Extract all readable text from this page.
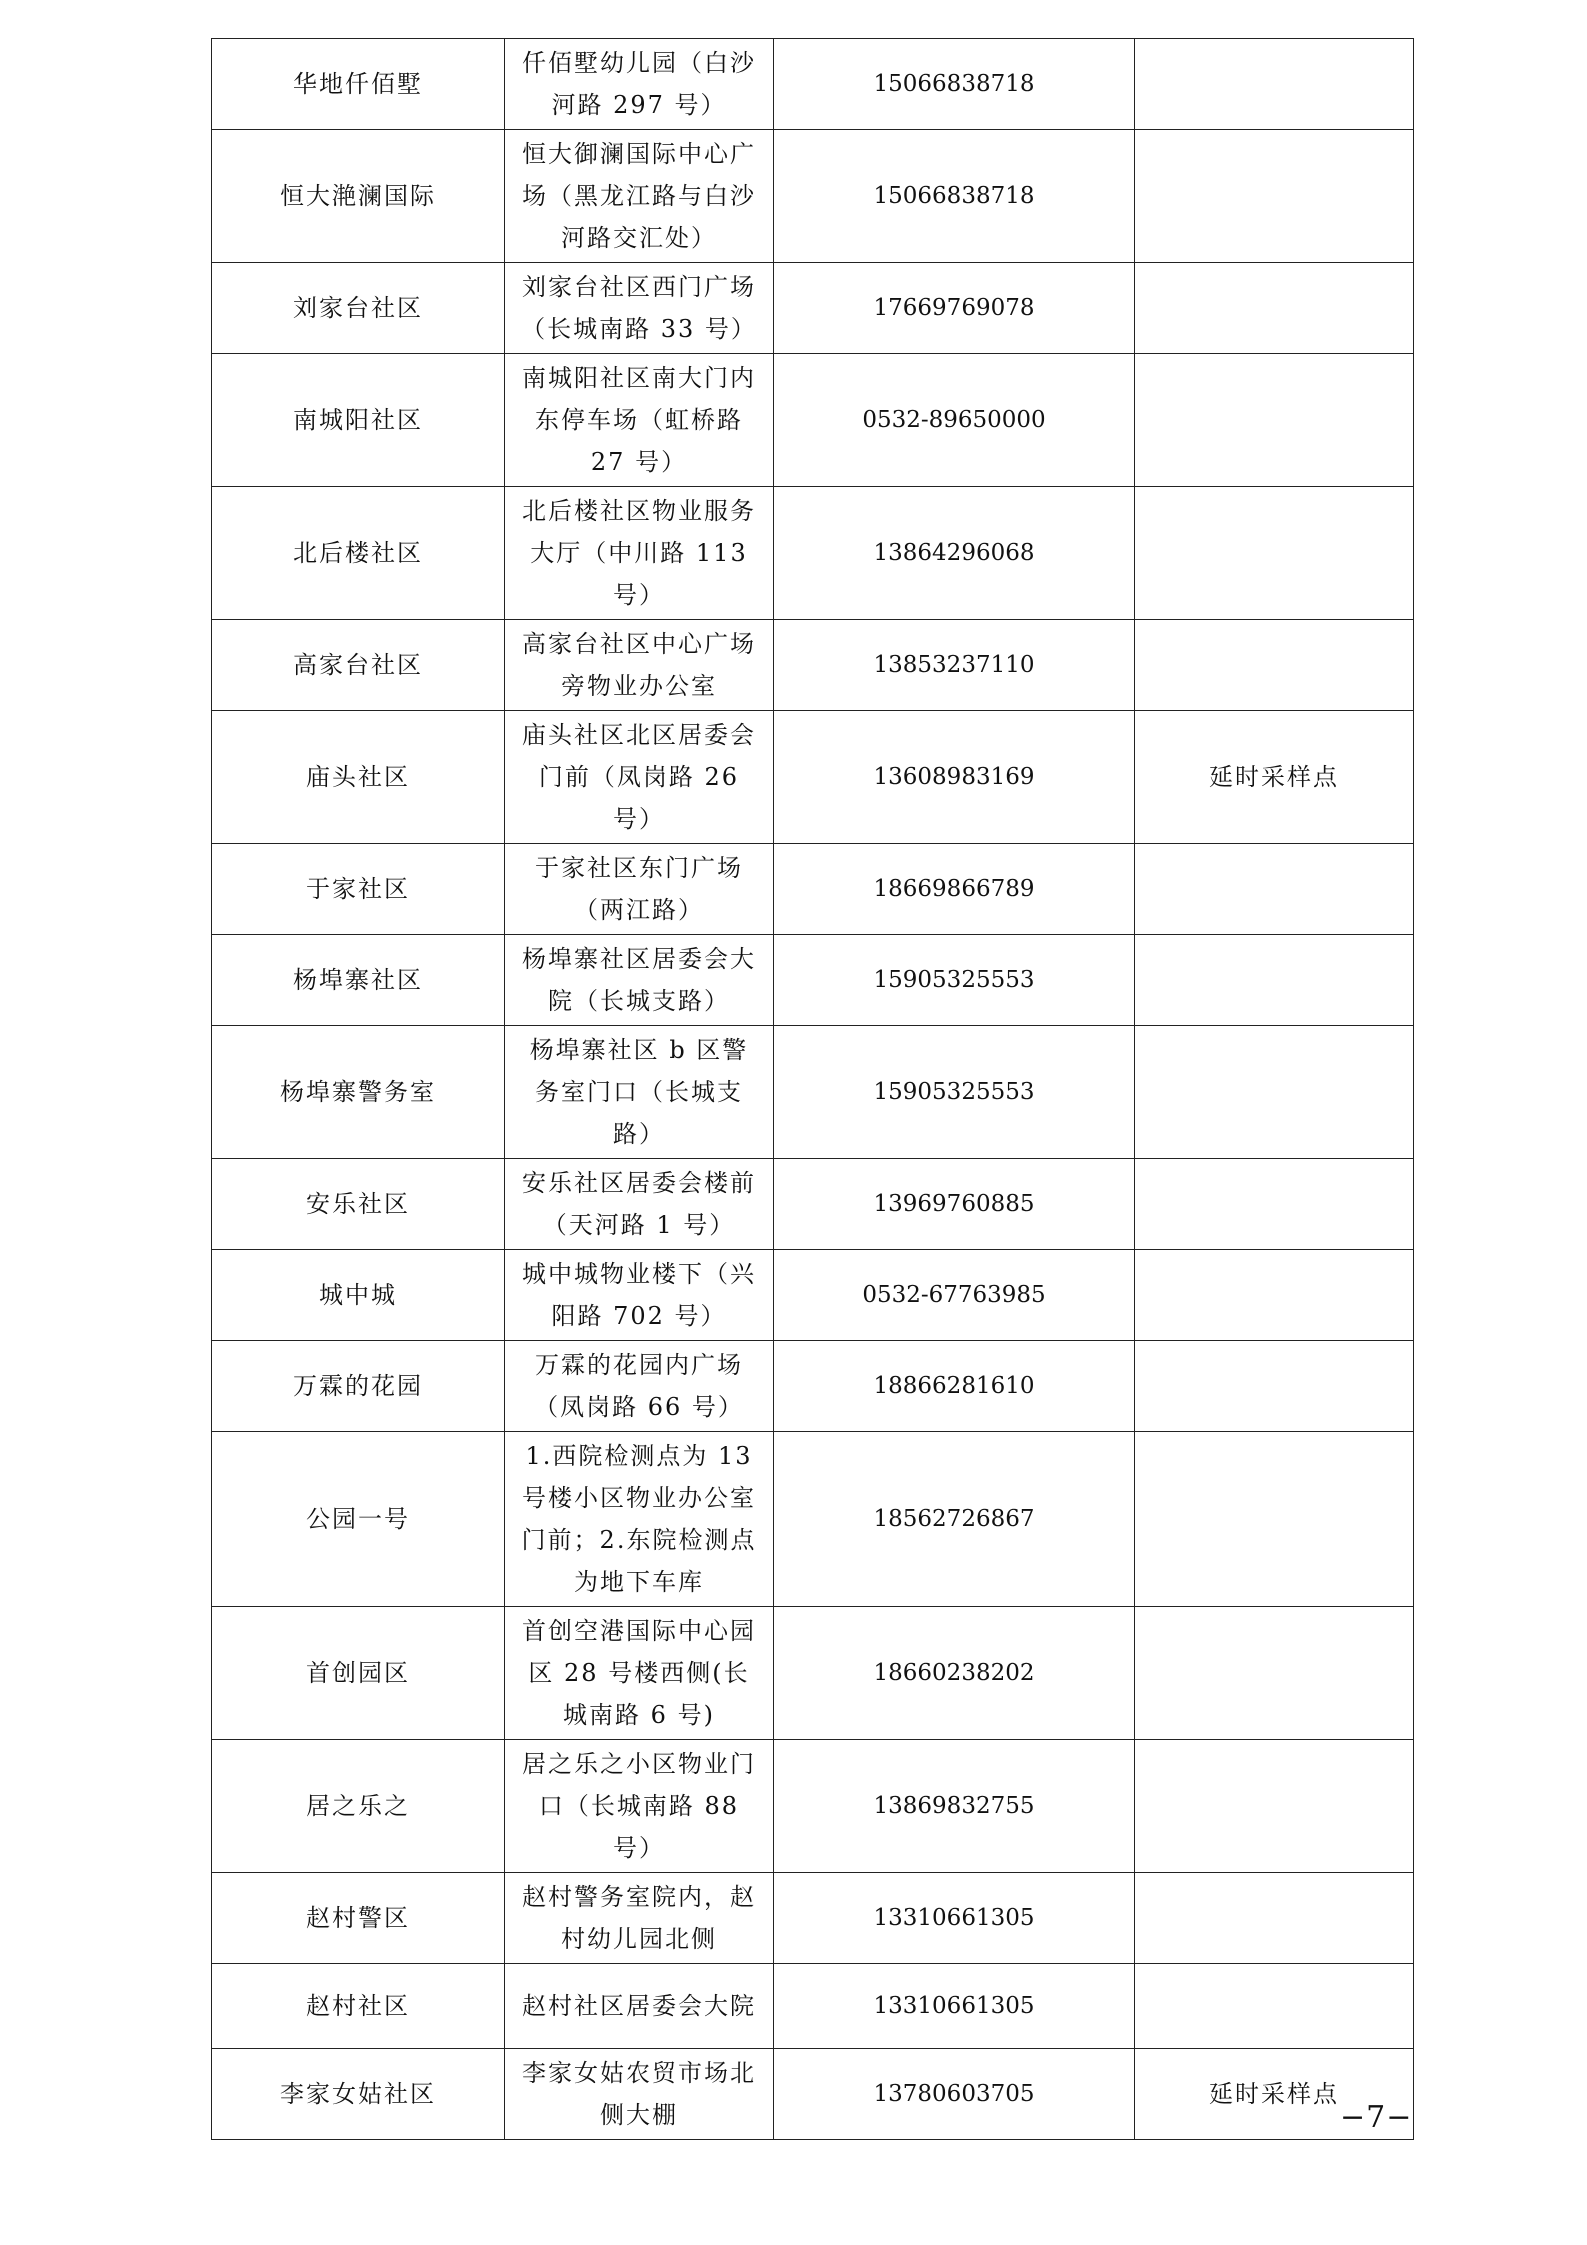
华地仟佰墅	仟佰墅幼儿园（白沙河路 297 号）	15066838718	
恒大滟澜国际	恒大御澜国际中心广场（黑龙江路与白沙河路交汇处）	15066838718	
刘家台社区	刘家台社区西门广场（长城南路 33 号）	17669769078	
南城阳社区	南城阳社区南大门内东停车场（虹桥路 27 号）	0532-89650000	
北后楼社区	北后楼社区物业服务大厅（中川路 113 号）	13864296068	
高家台社区	高家台社区中心广场旁物业办公室	13853237110	
庙头社区	庙头社区北区居委会门前（凤岗路 26 号）	13608983169	延时采样点
于家社区	于家社区东门广场（两江路）	18669866789	
杨埠寨社区	杨埠寨社区居委会大院（长城支路）	15905325553	
杨埠寨警务室	杨埠寨社区 b 区警务室门口（长城支路）	15905325553	
安乐社区	安乐社区居委会楼前（天河路 1 号）	13969760885	
城中城	城中城物业楼下（兴阳路 702 号）	0532-67763985	
万霖的花园	万霖的花园内广场（凤岗路 66 号）	18866281610	
公园一号	1.西院检测点为 13 号楼小区物业办公室门前；2.东院检测点为地下车库	18562726867	
首创园区	首创空港国际中心园区 28 号楼西侧(长城南路 6 号)	18660238202	
居之乐之	居之乐之小区物业门口（长城南路 88 号）	13869832755	
赵村警区	赵村警务室院内，赵村幼儿园北侧	13310661305	
赵村社区	赵村社区居委会大院	13310661305	
李家女姑社区	李家女姑农贸市场北侧大棚	13780603705	延时采样点
−7−
